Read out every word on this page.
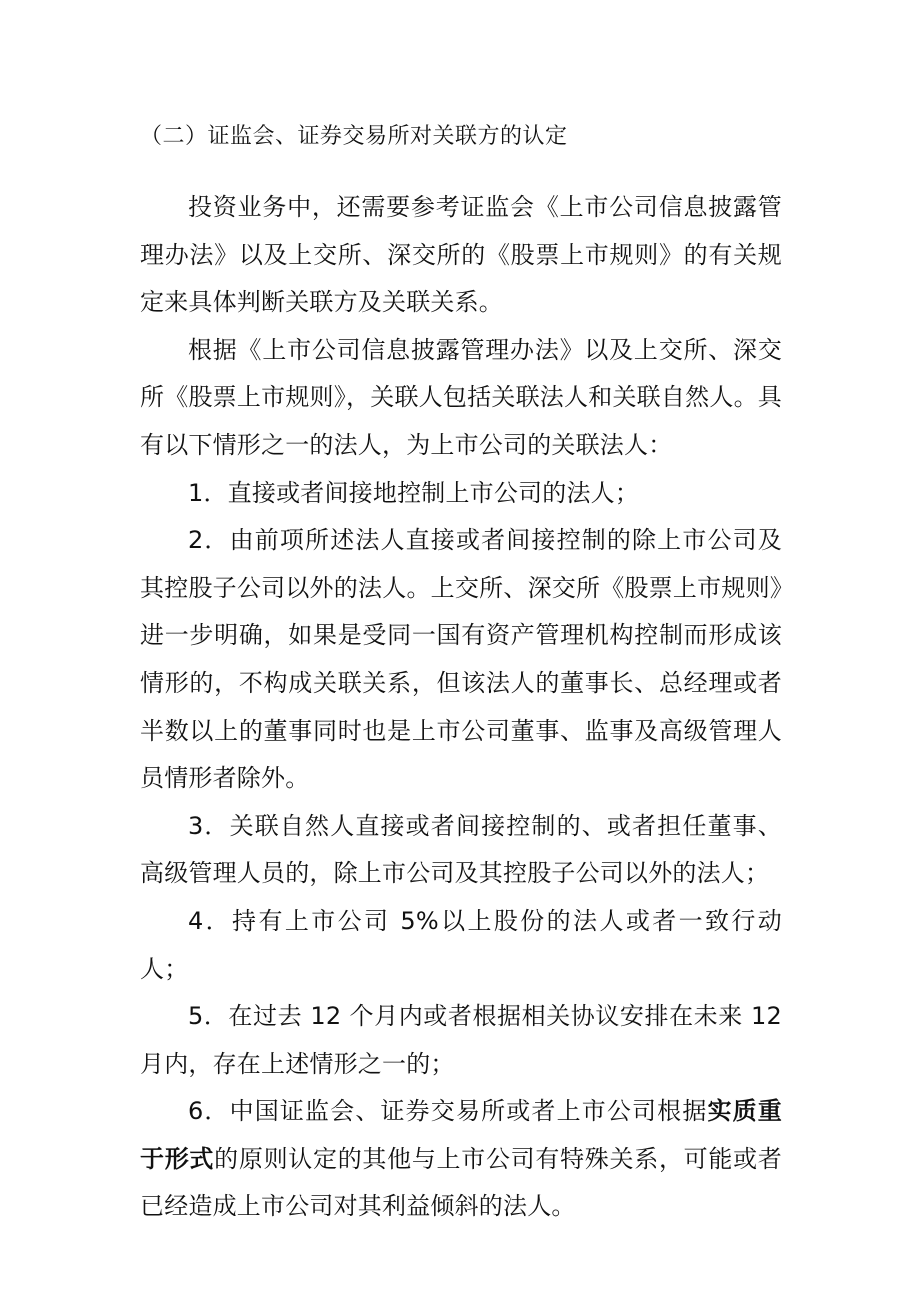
（二）证监会、证券交易所对关联方的认定

投资业务中，还需要参考证监会《上市公司信息披露管理办法》以及上交所、深交所的《股票上市规则》的有关规定来具体判断关联方及关联关系。

根据《上市公司信息披露管理办法》以及上交所、深交所《股票上市规则》，关联人包括关联法人和关联自然人。具有以下情形之一的法人，为上市公司的关联法人：

1．直接或者间接地控制上市公司的法人；

2．由前项所述法人直接或者间接控制的除上市公司及其控股子公司以外的法人。上交所、深交所《股票上市规则》进一步明确，如果是受同一国有资产管理机构控制而形成该情形的，不构成关联关系，但该法人的董事长、总经理或者半数以上的董事同时也是上市公司董事、监事及高级管理人员情形者除外。

3．关联自然人直接或者间接控制的、或者担任董事、高级管理人员的，除上市公司及其控股子公司以外的法人；

4．持有上市公司 5%以上股份的法人或者一致行动人；

5．在过去 12 个月内或者根据相关协议安排在未来 12 月内，存在上述情形之一的；

6．中国证监会、证券交易所或者上市公司根据实质重于形式的原则认定的其他与上市公司有特殊关系，可能或者已经造成上市公司对其利益倾斜的法人。
